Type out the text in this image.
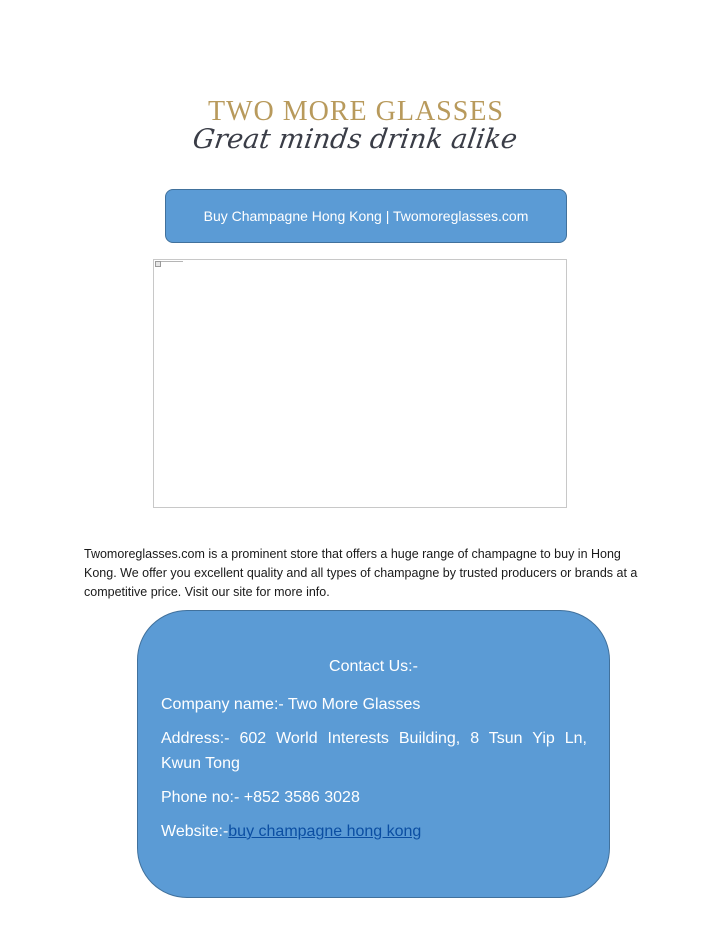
TWO MORE GLASSES
Great minds drink alike
Buy Champagne Hong Kong | Twomoreglasses.com
Twomoreglasses.com is a prominent store that offers a huge range of champagne to buy in Hong Kong. We offer you excellent quality and all types of champagne by trusted producers or brands at a competitive price. Visit our site for more info.
Contact Us:-
Company name:- Two More Glasses
Address:- 602 World Interests Building, 8 Tsun Yip Ln, Kwun Tong
Phone no:- +852 3586 3028
Website:-buy champagne hong kong
